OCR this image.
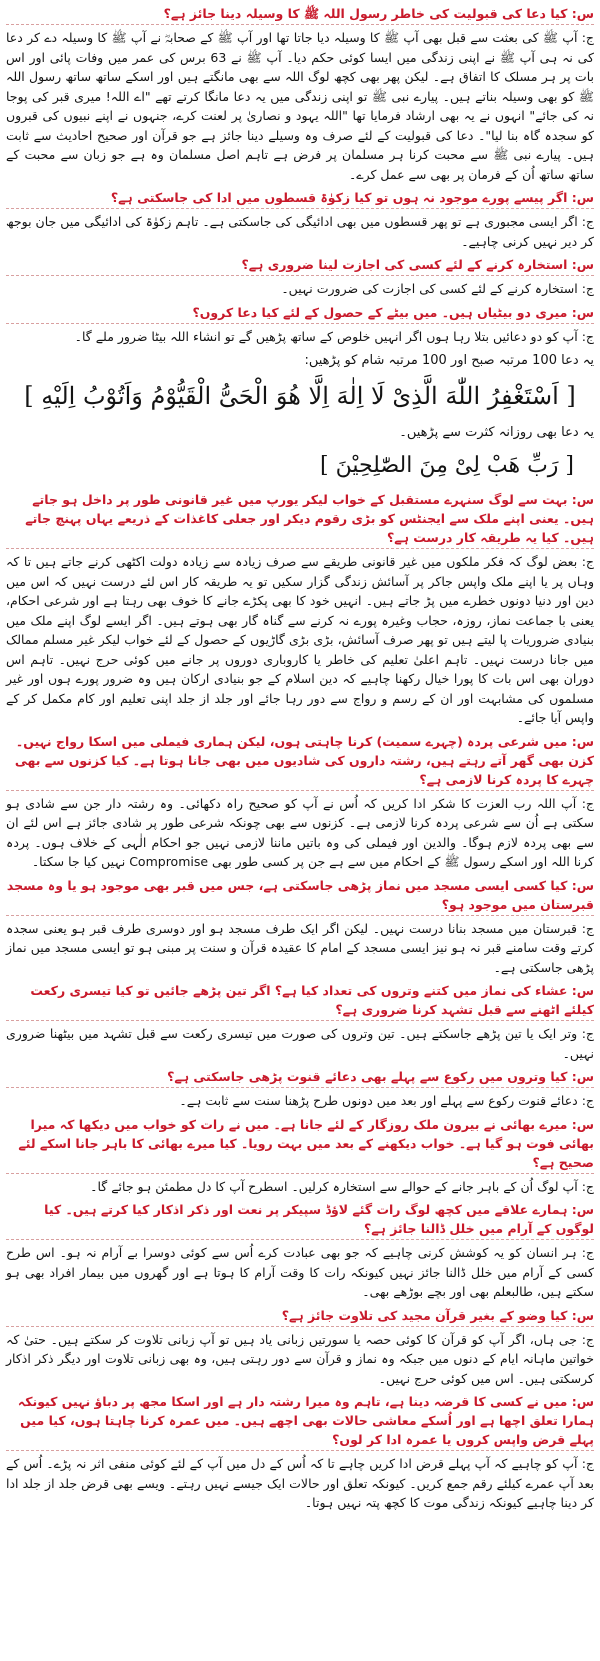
س: کیا دعا کی قبولیت کی خاطر رسول اللہ ﷺ کا وسیلہ دینا جائز ہے؟
ج: آپ ﷺ کی بعثت سے قبل بھی آپ ﷺ کا وسیلہ دیا جاتا تھا اور آپ ﷺ کے صحابہؓ نے آپ ﷺ کا وسیلہ دے کر دعا کی نہ ہی آپ ﷺ نے اپنی زندگی میں ایسا کوئی حکم دیا۔ آپ ﷺ نے 63 برس کی عمر میں وفات پائی اور اس بات پر ہر مسلک کا اتفاق ہے۔ لیکن پھر بھی کچھ لوگ اللہ سے بھی مانگتے ہیں اور اسکے ساتھ ساتھ رسول اللہ ﷺ کو بھی وسیلہ بناتے ہیں۔ پیارے نبی ﷺ تو اپنی زندگی میں یہ دعا مانگا کرتے تھے "اے اللہ! میری قبر کی پوجا نہ کی جائے" انہوں نے یہ بھی ارشاد فرمایا تھا "اللہ یہود و نصاریٰ پر لعنت کرے، جنہوں نے اپنے نبیوں کی قبروں کو سجدہ گاہ بنا لیا"۔ دعا کی قبولیت کے لئے صرف وہ وسیلے دینا جائز ہے جو قرآن اور صحیح احادیث سے ثابت ہیں۔ پیارے نبی ﷺ سے محبت کرنا ہر مسلمان پر فرض ہے تاہم اصل مسلمان وہ ہے جو زبان سے محبت کے ساتھ ساتھ اُن کے فرمان پر بھی سے عمل کرے۔
س: اگر پیسے پورے موجود نہ ہوں تو کیا زکوٰۃ قسطوں میں ادا کی جاسکتی ہے؟
ج: اگر ایسی مجبوری ہے تو پھر قسطوں میں بھی ادائیگی کی جاسکتی ہے۔ تاہم زکوٰۃ کی ادائیگی میں جان بوجھ کر دیر نہیں کرنی چاہیے۔
س: استخارہ کرنے کے لئے کسی کی اجازت لینا ضروری ہے؟
ج: استخارہ کرنے کے لئے کسی کی اجازت کی ضرورت نہیں۔
س: میری دو بیٹیاں ہیں۔ میں بیٹے کے حصول کے لئے کیا دعا کروں؟
ج: آپ کو دو دعائیں بتلا رہا ہوں اگر انہیں خلوص کے ساتھ پڑھیں گے تو انشاء اللہ بیٹا ضرور ملے گا۔
یہ دعا 100 مرتبہ صبح اور 100 مرتبہ شام کو پڑھیں:
[ اَسْتَغْفِرُ اللّٰهَ الَّذِیْ لَا اِلٰهَ اِلَّا هُوَ الْحَیُّ الْقَیُّوْمُ وَاَتُوْبُ اِلَیْهِ ]
یہ دعا بھی روزانہ کثرت سے پڑھیں۔
[ رَبِّ هَبْ لِیْ مِنَ الصّٰلِحِیْنَ ]
س: بہت سے لوگ سنہرے مستقبل کے خواب لیکر یورپ میں غیر قانونی طور پر داخل ہو جاتے ہیں۔ یعنی اپنے ملک سے ایجنٹس کو بڑی رقوم دیکر اور جعلی کاغذات کے ذریعے یہاں پہنچ جاتے ہیں۔ کیا یہ طریقہ کار درست ہے؟
ج: بعض لوگ کہ فکر ملکوں میں غیر قانونی طریقے سے صرف زیادہ سے زیادہ دولت اکٹھی کرنے جاتے ہیں تا کہ وہاں پر یا اپنے ملک واپس جاکر پر آسائش زندگی گزار سکیں تو یہ طریقہ کار اس لئے درست نہیں کہ اس میں دین اور دنیا دونوں خطرے میں پڑ جاتے ہیں۔ انہیں خود کا بھی پکڑے جانے کا خوف بھی رہتا ہے اور شرعی احکام، یعنی با جماعت نماز، روزہ، حجاب وغیرہ پورے نہ کرنے سے گناہ گار بھی ہوتے ہیں۔ اگر ایسے لوگ اپنے ملک میں بنیادی ضروریات پا لیتے ہیں تو پھر صرف آسائش، بڑی بڑی گاڑیوں کے حصول کے لئے خواب لیکر غیر مسلم ممالک میں جانا درست نہیں۔ تاہم اعلیٰ تعلیم کی خاطر یا کاروباری دوروں پر جانے میں کوئی حرج نہیں۔ تاہم اس دوران بھی اس بات کا پورا خیال رکھنا چاہیے کہ دین اسلام کے جو بنیادی ارکان ہیں وہ ضرور پورے ہوں اور غیر مسلموں کی مشابہت اور ان کے رسم و رواج سے دور رہا جائے اور جلد از جلد اپنی تعلیم اور کام مکمل کر کے واپس آیا جائے۔
س: میں شرعی پردہ (چہرے سمیت) کرنا چاہتی ہوں، لیکن ہماری فیملی میں اسکا رواج نہیں۔ کزن بھی گھر آتے رہتے ہیں، رشتہ داروں کی شادیوں میں بھی جانا ہوتا ہے۔ کیا کزنوں سے بھی چہرے کا پردہ کرنا لازمی ہے؟
ج: آپ اللہ رب العزت کا شکر ادا کریں کہ اُس نے آپ کو صحیح راہ دکھائی۔ وہ رشتہ دار جن سے شادی ہو سکتی ہے اُن سے شرعی پردہ کرنا لازمی ہے۔ کزنوں سے بھی چونکہ شرعی طور پر شادی جائز ہے اس لئے ان سے بھی پردہ لازم ہوگا۔ والدین اور فیملی کی وہ باتیں ماننا لازمی نہیں جو احکام الٰہی کے خلاف ہوں۔ پردہ کرنا اللہ اور اسکے رسول ﷺ کے احکام میں سے ہے جن پر کسی طور بھی Compromise نہیں کیا جا سکتا۔
س: کیا کسی ایسی مسجد میں نماز پڑھی جاسکتی ہے، جس میں قبر بھی موجود ہو یا وہ مسجد قبرستان میں موجود ہو؟
ج: قبرستان میں مسجد بنانا درست نہیں۔ لیکن اگر ایک طرف مسجد ہو اور دوسری طرف قبر ہو یعنی سجدہ کرتے وقت سامنے قبر نہ ہو نیز ایسی مسجد کے امام کا عقیدہ قرآن و سنت پر مبنی ہو تو ایسی مسجد میں نماز پڑھی جاسکتی ہے۔
س: عشاء کی نماز میں کتنے وتروں کی تعداد کیا ہے؟ اگر تین پڑھے جائیں تو کیا تیسری رکعت کیلئے اٹھنے سے قبل تشہد کرنا ضروری ہے؟
ج: وتر ایک یا تین پڑھے جاسکتے ہیں۔ تین وتروں کی صورت میں تیسری رکعت سے قبل تشہد میں بیٹھنا ضروری نہیں۔
س: کیا وتروں میں رکوع سے پہلے بھی دعائے قنوت پڑھی جاسکتی ہے؟
ج: دعائے قنوت رکوع سے پہلے اور بعد میں دونوں طرح پڑھنا سنت سے ثابت ہے۔
س: میرے بھائی نے بیرون ملک روزگار کے لئے جانا ہے۔ میں نے رات کو خواب میں دیکھا کہ میرا بھائی فوت ہو گیا ہے۔ خواب دیکھنے کے بعد میں بہت رویا۔ کیا میرے بھائی کا باہر جانا اسکے لئے صحیح ہے؟
ج: آپ لوگ اُن کے باہر جانے کے حوالے سے استخارہ کرلیں۔ اسطرح آپ کا دل مطمئن ہو جائے گا۔
س: ہمارے علاقے میں کچھ لوگ رات گئے لاؤڈ سپیکر پر نعت اور ذکر اذکار کیا کرتے ہیں۔ کیا لوگوں کے آرام میں خلل ڈالنا جائز ہے؟
ج: ہر انسان کو یہ کوشش کرنی چاہیے کہ جو بھی عبادت کرے اُس سے کوئی دوسرا بے آرام نہ ہو۔ اس طرح کسی کے آرام میں خلل ڈالنا جائز نہیں کیونکہ رات کا وقت آرام کا ہوتا ہے اور گھروں میں بیمار افراد بھی ہو سکتے ہیں، طالبعلم بھی اور بچے بوڑھے بھی۔
س: کیا وضو کے بغیر قرآن مجید کی تلاوت جائز ہے؟
ج: جی ہاں، اگر آپ کو قرآن کا کوئی حصہ یا سورتیں زبانی یاد ہیں تو آپ زبانی تلاوت کر سکتے ہیں۔ حتیٰ کہ خواتین ماہانہ ایام کے دنوں میں جبکہ وہ نماز و قرآن سے دور رہتی ہیں، وہ بھی زبانی تلاوت اور دیگر ذکر اذکار کرسکتی ہیں۔ اس میں کوئی حرج نہیں۔
س: میں نے کسی کا قرضہ دینا ہے، تاہم وہ میرا رشتہ دار ہے اور اسکا مجھ پر دباؤ نہیں کیونکہ ہمارا تعلق اچھا ہے اور اُسکے معاشی حالات بھی اچھے ہیں۔ میں عمرہ کرنا چاہتا ہوں، کیا میں پہلے قرض واپس کروں یا عمرہ ادا کر لوں؟
ج: آپ کو چاہیے کہ آپ پہلے قرض ادا کریں چاہے تا کہ اُس کے دل میں آپ کے لئے کوئی منفی اثر نہ پڑے۔ اُس کے بعد آپ عمرے کیلئے رقم جمع کریں۔ کیونکہ تعلق اور حالات ایک جیسے نہیں رہتے۔ ویسے بھی قرض جلد از جلد ادا کر دینا چاہیے کیونکہ زندگی موت کا کچھ پتہ نہیں ہوتا۔
